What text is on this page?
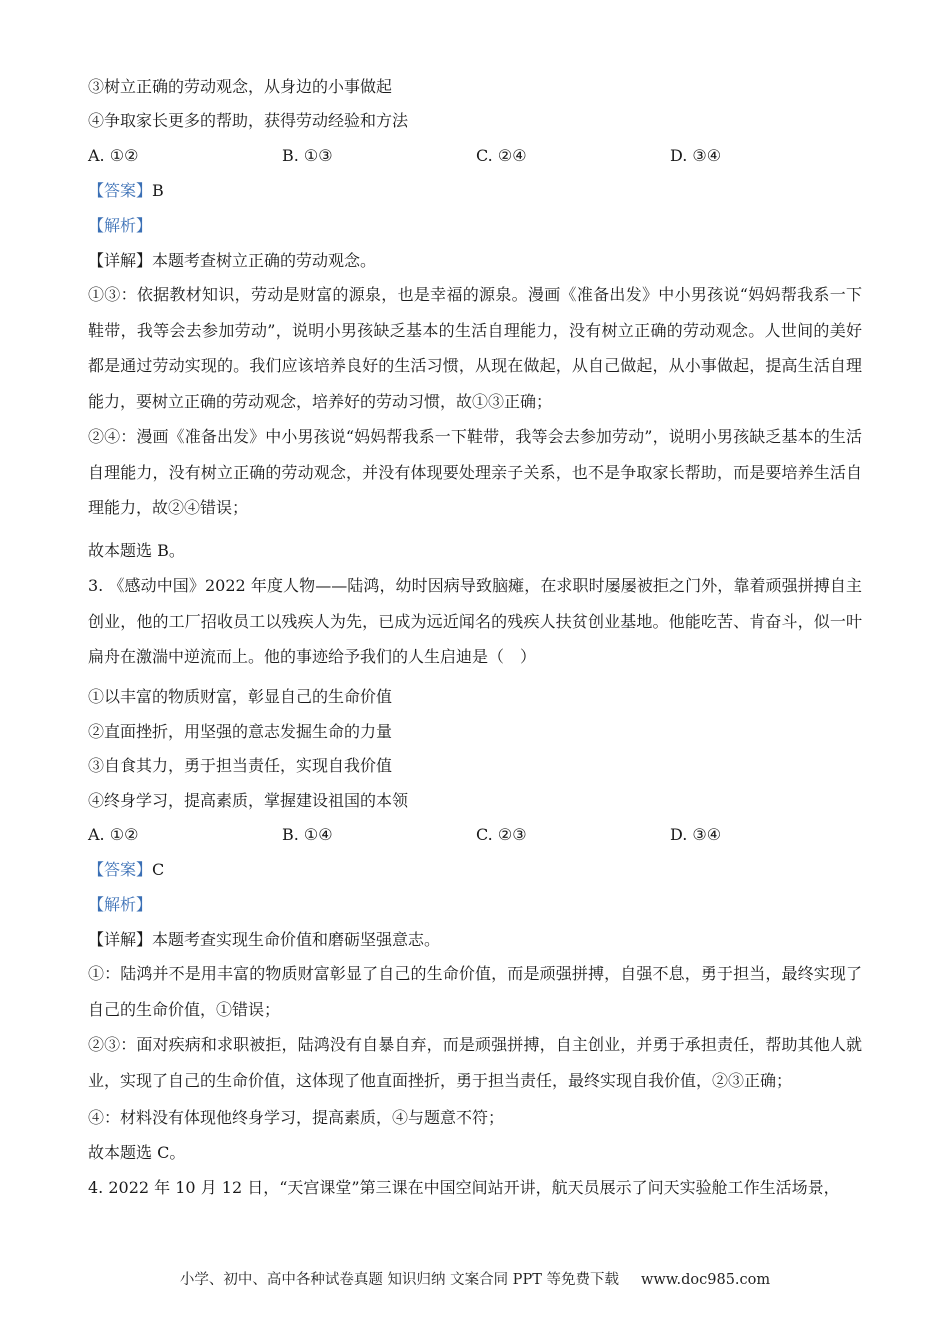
③树立正确的劳动观念，从身边的小事做起
④争取家长更多的帮助，获得劳动经验和方法
A. ①②	B. ①③	C. ②④	D. ③④
【答案】B
【解析】
【详解】本题考查树立正确的劳动观念。
①③：依据教材知识，劳动是财富的源泉，也是幸福的源泉。漫画《准备出发》中小男孩说“妈妈帮我系一下鞋带，我等会去参加劳动”，说明小男孩缺乏基本的生活自理能力，没有树立正确的劳动观念。人世间的美好都是通过劳动实现的。我们应该培养良好的生活习惯，从现在做起，从自己做起，从小事做起，提高生活自理能力，要树立正确的劳动观念，培养好的劳动习惯，故①③正确；
②④：漫画《准备出发》中小男孩说“妈妈帮我系一下鞋带，我等会去参加劳动”，说明小男孩缺乏基本的生活自理能力，没有树立正确的劳动观念，并没有体现要处理亲子关系，也不是争取家长帮助，而是要培养生活自理能力，故②④错误；
故本题选 B。
3. 《感动中国》2022 年度人物——陆鸿，幼时因病导致脑瘫，在求职时屡屡被拒之门外，靠着顽强拼搏自主创业，他的工厂招收员工以残疾人为先，已成为远近闻名的残疾人扶贫创业基地。他能吃苦、肯奋斗，似一叶扁舟在激湍中逆流而上。他的事迹给予我们的人生启迪是（　）
①以丰富的物质财富，彰显自己的生命价值
②直面挫折，用坚强的意志发掘生命的力量
③自食其力，勇于担当责任，实现自我价值
④终身学习，提高素质，掌握建设祖国的本领
A. ①②	B. ①④	C. ②③	D. ③④
【答案】C
【解析】
【详解】本题考查实现生命价值和磨砺坚强意志。
①：陆鸿并不是用丰富的物质财富彰显了自己的生命价值，而是顽强拼搏，自强不息，勇于担当，最终实现了自己的生命价值，①错误；
②③：面对疾病和求职被拒，陆鸿没有自暴自弃，而是顽强拼搏，自主创业，并勇于承担责任，帮助其他人就业，实现了自己的生命价值，这体现了他直面挫折，勇于担当责任，最终实现自我价值，②③正确；
④：材料没有体现他终身学习，提高素质，④与题意不符；
故本题选 C。
4. 2022 年 10 月 12 日，“天宫课堂”第三课在中国空间站开讲，航天员展示了问天实验舱工作生活场景，
小学、初中、高中各种试卷真题 知识归纳 文案合同 PPT 等免费下载 www.doc985.com
